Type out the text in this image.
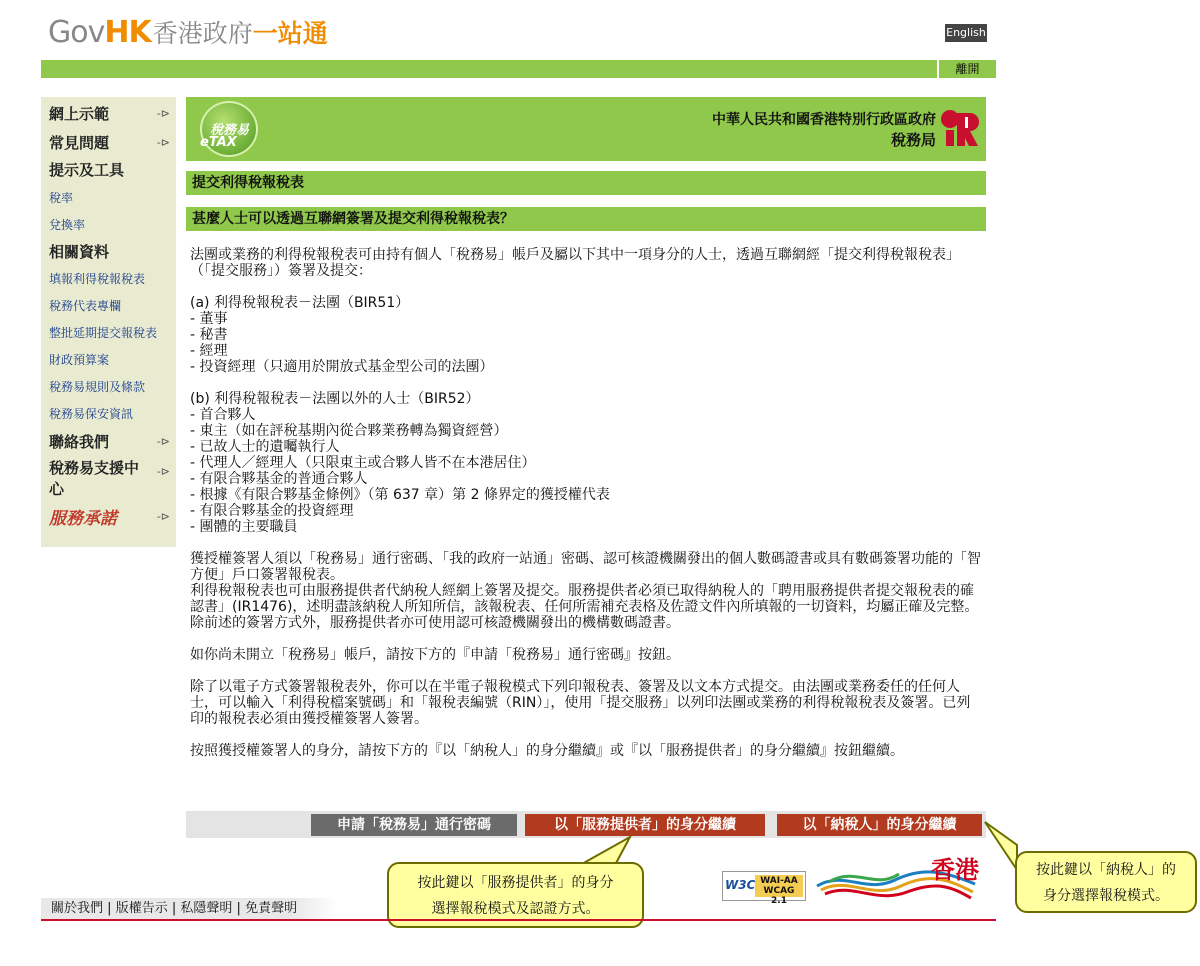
Gov HK 香港政府 一站通	English
離開
網上示範	-⊳
常見問題	-⊳
提示及工具
稅率
兌換率
相關資料
填報利得稅報稅表
稅務代表專欄
整批延期提交報稅表
財政預算案
稅務易規則及條款
稅務易保安資訊
聯絡我們	-⊳
稅務易支援中心
-⊳
服務承諾	-⊳
稅務易
eTAX
中華人民共和國香港特別行政區政府
稅務局
提交利得稅報稅表
甚麼人士可以透過互聯網簽署及提交利得稅報稅表？

法團或業務的利得稅報稅表可由持有個人「稅務易」帳戶及屬以下其中一項身分的人士，透過互聯網經「提交利得稅報稅表」（「提交服務」）簽署及提交：

(a) 利得稅報稅表－法團（BIR51）

- 董事

- 秘書

- 經理

- 投資經理（只適用於開放式基金型公司的法團）

(b) 利得稅報稅表－法團以外的人士（BIR52）

- 首合夥人

- 東主（如在評稅基期內從合夥業務轉為獨資經營）

- 已故人士的遺囑執行人

- 代理人／經理人（只限東主或合夥人皆不在本港居住）

- 有限合夥基金的普通合夥人

- 根據《有限合夥基金條例》（第 637 章）第 2 條界定的獲授權代表

- 有限合夥基金的投資經理

- 團體的主要職員

獲授權簽署人須以「稅務易」通行密碼、「我的政府一站通」密碼、認可核證機關發出的個人數碼證書或具有數碼簽署功能的「智方便」戶口簽署報稅表。

利得稅報稅表也可由服務提供者代納稅人經網上簽署及提交。服務提供者必須已取得納稅人的「聘用服務提供者提交報稅表的確認書」(IR1476)，述明盡該納稅人所知所信，該報稅表、任何所需補充表格及佐證文件內所填報的一切資料，均屬正確及完整。除前述的簽署方式外，服務提供者亦可使用認可核證機關發出的機構數碼證書。

如你尚未開立「稅務易」帳戶，請按下方的『申請「稅務易」通行密碼』按鈕。

除了以電子方式簽署報稅表外，你可以在半電子報稅模式下列印報稅表、簽署及以文本方式提交。由法團或業務委任的任何人士，可以輸入「利得稅檔案號碼」和「報稅表編號（RIN）」，使用「提交服務」以列印法團或業務的利得稅報稅表及簽署。已列印的報稅表必須由獲授權簽署人簽署。

按照獲授權簽署人的身分，請按下方的『以「納稅人」的身分繼續』或『以「服務提供者」的身分繼續』按鈕繼續。

申請「稅務易」通行密碼	以「服務提供者」的身分繼續	以「納稅人」的身分繼續
按此鍵以「服務提供者」的身分
選擇報稅模式及認證方式。
按此鍵以「納稅人」的
身分選擇報稅模式。
關於我們 | 版權告示 | 私隱聲明 | 免責聲明
W3C WAI-AA
WCAG 2.1
香港
